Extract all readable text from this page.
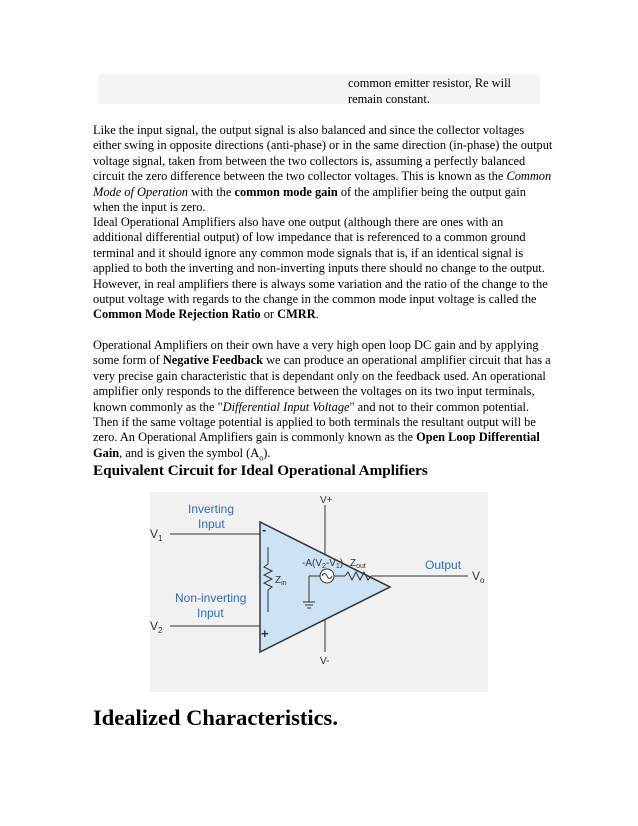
common emitter resistor, Re will
remain constant.

Like the input signal, the output signal is also balanced and since the collector voltages either swing in opposite directions (anti-phase) or in the same direction (in-phase) the output voltage signal, taken from between the two collectors is, assuming a perfectly balanced circuit the zero difference between the two collector voltages. This is known as the Common Mode of Operation with the common mode gain of the amplifier being the output gain when the input is zero.

Ideal Operational Amplifiers also have one output (although there are ones with an additional differential output) of low impedance that is referenced to a common ground terminal and it should ignore any common mode signals that is, if an identical signal is applied to both the inverting and non-inverting inputs there should no change to the output. However, in real amplifiers there is always some variation and the ratio of the change to the output voltage with regards to the change in the common mode input voltage is called the Common Mode Rejection Ratio or CMRR.

Operational Amplifiers on their own have a very high open loop DC gain and by applying some form of Negative Feedback we can produce an operational amplifier circuit that has a very precise gain characteristic that is dependant only on the feedback used. An operational amplifier only responds to the difference between the voltages on its two input terminals, known commonly as the "Differential Input Voltage" and not to their common potential. Then if the same voltage potential is applied to both terminals the resultant output will be zero. An Operational Amplifiers gain is commonly known as the Open Loop Differential Gain, and is given the symbol $(A_o)$.

Equivalent Circuit for Ideal Operational Amplifiers
V+
V-
Inverting
Input
Non-inverting
Input
Output
$V_1$
$V_2$
$V_o$
-
+
$Z_{in}$
$Z_{out}$
$-A(V_2-V_1)$
Idealized Characteristics.
